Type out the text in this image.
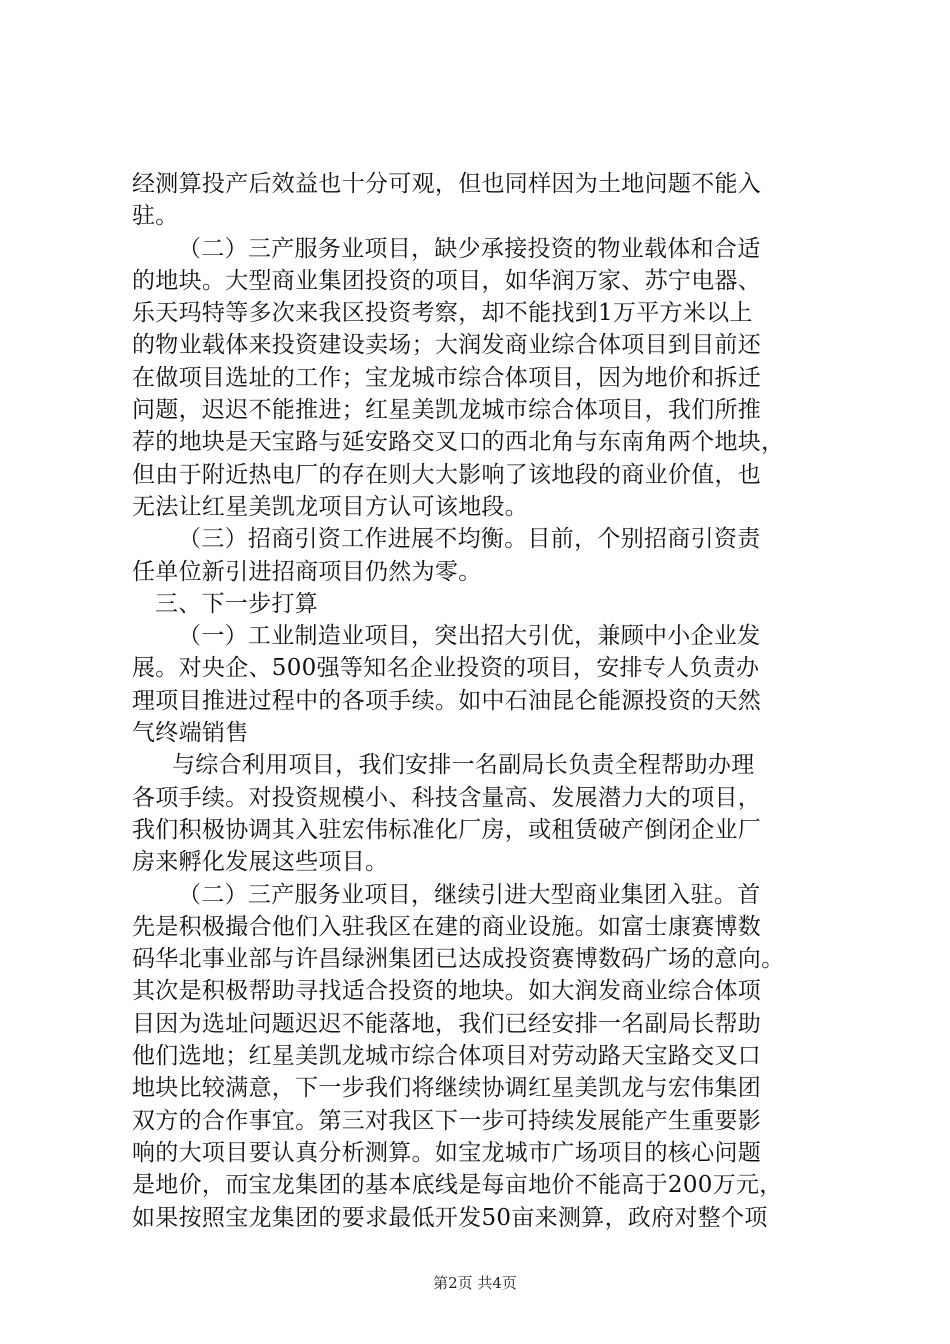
经测算投产后效益也十分可观，但也同样因为土地问题不能入
驻。
（二）三产服务业项目，缺少承接投资的物业载体和合适
的地块。大型商业集团投资的项目，如华润万家、苏宁电器、
乐天玛特等多次来我区投资考察，却不能找到1万平方米以上
的物业载体来投资建设卖场；大润发商业综合体项目到目前还
在做项目选址的工作；宝龙城市综合体项目，因为地价和拆迁
问题，迟迟不能推进；红星美凯龙城市综合体项目，我们所推
荐的地块是天宝路与延安路交叉口的西北角与东南角两个地块，
但由于附近热电厂的存在则大大影响了该地段的商业价值，也
无法让红星美凯龙项目方认可该地段。
（三）招商引资工作进展不均衡。目前，个别招商引资责
任单位新引进招商项目仍然为零。
三、下一步打算
（一）工业制造业项目，突出招大引优，兼顾中小企业发
展。对央企、500强等知名企业投资的项目，安排专人负责办
理项目推进过程中的各项手续。如中石油昆仑能源投资的天然
气终端销售
与综合利用项目，我们安排一名副局长负责全程帮助办理
各项手续。对投资规模小、科技含量高、发展潜力大的项目，
我们积极协调其入驻宏伟标准化厂房，或租赁破产倒闭企业厂
房来孵化发展这些项目。
（二）三产服务业项目，继续引进大型商业集团入驻。首
先是积极撮合他们入驻我区在建的商业设施。如富士康赛博数
码华北事业部与许昌绿洲集团已达成投资赛博数码广场的意向。
其次是积极帮助寻找适合投资的地块。如大润发商业综合体项
目因为选址问题迟迟不能落地，我们已经安排一名副局长帮助
他们选地；红星美凯龙城市综合体项目对劳动路天宝路交叉口
地块比较满意，下一步我们将继续协调红星美凯龙与宏伟集团
双方的合作事宜。第三对我区下一步可持续发展能产生重要影
响的大项目要认真分析测算。如宝龙城市广场项目的核心问题
是地价，而宝龙集团的基本底线是每亩地价不能高于200万元，
如果按照宝龙集团的要求最低开发50亩来测算，政府对整个项
第2页 共4页
